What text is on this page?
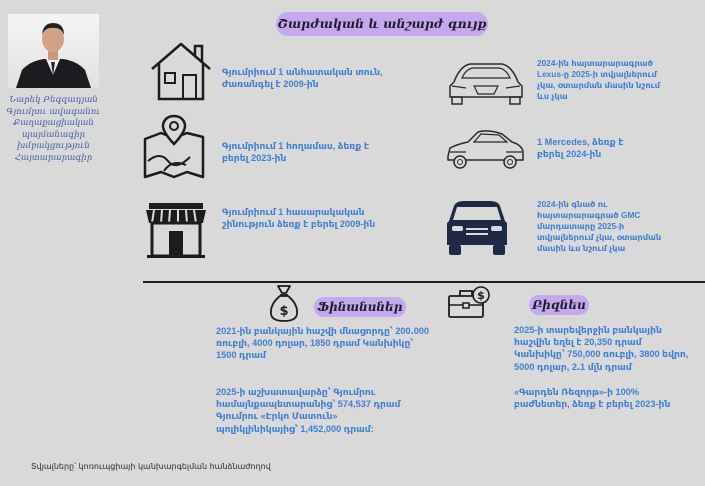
Նարեկ Բեգզադյան Գյումրու ավագանու Քաղաքացիական պայմանագիր խմբակցություն Հայտարարագիր
Շարժական և անշարժ գույք
Գյումրիում 1 անհատական տուն, ժառանգել է 2009-ին
Գյումրիում 1 հողամաս, ձեռք է բերել 2023-ին
Գյումրիում 1 հասարակական շինություն ձեռք է բերել 2009-ին
2024-ին հայտարարագրած Lexus-ը 2025-ի տվյալներում չկա, օտարման մասին նշում ևս չկա
1 Mercedes, ձեռք է բերել 2024-ին
2024-ին գնած ու հայտարարագրած GMC մարդատարը 2025-ի տվյալներում չկա, օտարման մասին ևս նշում չկա
$ Ֆինանսներ
2021-ին բանկային հաշվի մնացորդը՝ 200․000 ռուբլի, 4000 դոլար, 1850 դրամ Կանխիկը՝ 1500 դրամ
2025-ի աշխատավարձը՝ Գյումրու համայնքապետարանից՝ 574,537 դրամ Գյումրու «Էրկո Մատուն» պոլիկլինիկայից՝ 1,452,000 դրամ:
$
Բիզնես
2025-ի տարեվերջին բանկային հաշվին եղել է 20,350 դրամ Կանխիկը՝ 750,000 ռուբլի, 3800 եվրո, 5000 դոլար, 2․1 մլն դրամ
«Գարդեն Ռեզորթ»-ի 100% բաժնետեր, ձեռք է բերել 2023-ին
Տվյալները՝ կոռուպցիայի կանխարգելման հանձնաժողով
